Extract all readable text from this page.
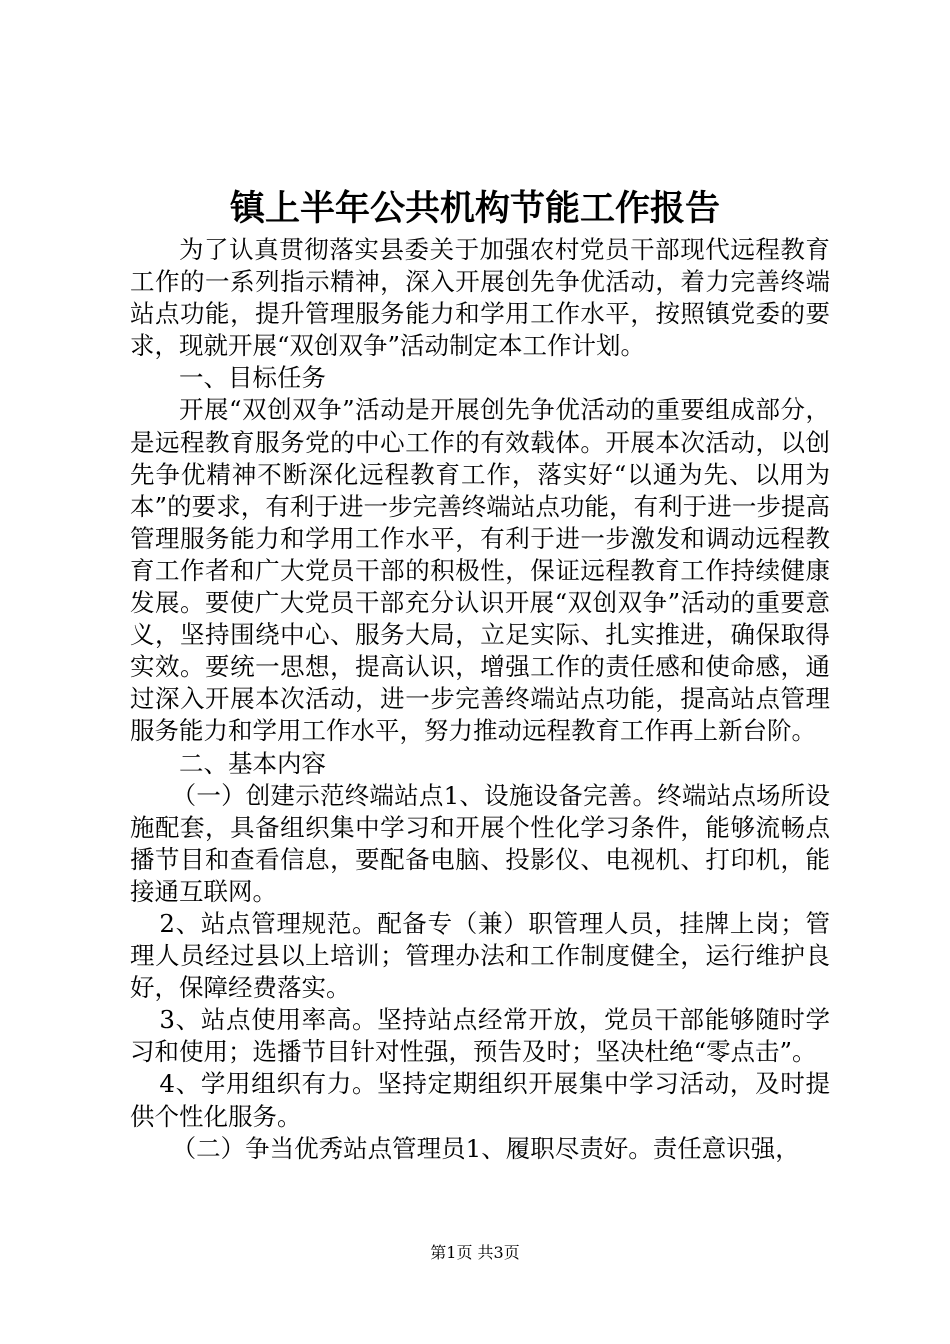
镇上半年公共机构节能工作报告

为了认真贯彻落实县委关于加强农村党员干部现代远程教育工作的一系列指示精神，深入开展创先争优活动，着力完善终端站点功能，提升管理服务能力和学用工作水平，按照镇党委的要求，现就开展“双创双争”活动制定本工作计划。

一、目标任务

开展“双创双争”活动是开展创先争优活动的重要组成部分，是远程教育服务党的中心工作的有效载体。开展本次活动，以创先争优精神不断深化远程教育工作，落实好“以通为先、以用为本”的要求，有利于进一步完善终端站点功能，有利于进一步提高管理服务能力和学用工作水平，有利于进一步激发和调动远程教育工作者和广大党员干部的积极性，保证远程教育工作持续健康发展。要使广大党员干部充分认识开展“双创双争”活动的重要意义，坚持围绕中心、服务大局，立足实际、扎实推进，确保取得实效。要统一思想，提高认识，增强工作的责任感和使命感，通过深入开展本次活动，进一步完善终端站点功能，提高站点管理服务能力和学用工作水平，努力推动远程教育工作再上新台阶。

二、基本内容

（一）创建示范终端站点1、设施设备完善。终端站点场所设施配套，具备组织集中学习和开展个性化学习条件，能够流畅点播节目和查看信息，要配备电脑、投影仪、电视机、打印机，能接通互联网。

2、站点管理规范。配备专（兼）职管理人员，挂牌上岗；管理人员经过县以上培训；管理办法和工作制度健全，运行维护良好，保障经费落实。

3、站点使用率高。坚持站点经常开放，党员干部能够随时学习和使用；选播节目针对性强，预告及时；坚决杜绝“零点击”。

4、学用组织有力。坚持定期组织开展集中学习活动，及时提供个性化服务。

（二）争当优秀站点管理员1、履职尽责好。责任意识强，

第1页 共3页
